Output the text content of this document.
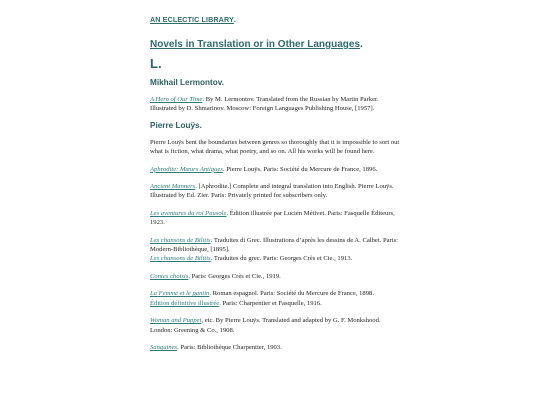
AN ECLECTIC LIBRARY.
Novels in Translation or in Other Languages.
L.
Mikhail Lermontov.

A Hero of Our Time. By M. Lermontov. Translated from the Russian by Martin Parker. Illustrated by D. Shmarinov. Moscow: Foreign Languages Publishing House, [1957].

Pierre Louÿs.

Pierre Louÿs bent the boundaries between genres so thoroughly that it is impossible to sort out what is fiction, what drama, what poetry, and so on. All his works will be found here.

Aphrodite: Mœurs Antiques. Pierre Louÿs. Paris: Société du Mercure de France, 1896.

Ancient Manners. [Aphrodite.] Complete and integral translation into English. Pierre Louÿs. Illustrated by Ed. Zier. Paris: Privately printed for subscribers only.

Les aventures du roi Pausole. Édition illustrée par Lucien Métivet. Paris: Fasquelle Éditeurs, 1923.

Les chansons de Bilitis. Traduites di Grec. Illustrations d’après les dessins de A. Calbet. Paris: Modern-Bibliothèque, [1895].

Les chansons de Bilitis. Traduites du grec. Paris: Georges Crès et Cie., 1913.

Contes choisis. Paris: Georges Crès et Cie., 1919.

La Femme et le pantin. Roman espagnol. Paris: Société du Mercure de France, 1898.

Édition définitive illustrée. Paris: Charpentier et Fasquelle, 1916.

Woman and Puppet, etc. By Pierre Louÿs. Translated and adapted by G. F. Monkshood. London: Greening & Co., 1908.

Sanguines. Paris: Bibliothèque Charpentier, 1903.
